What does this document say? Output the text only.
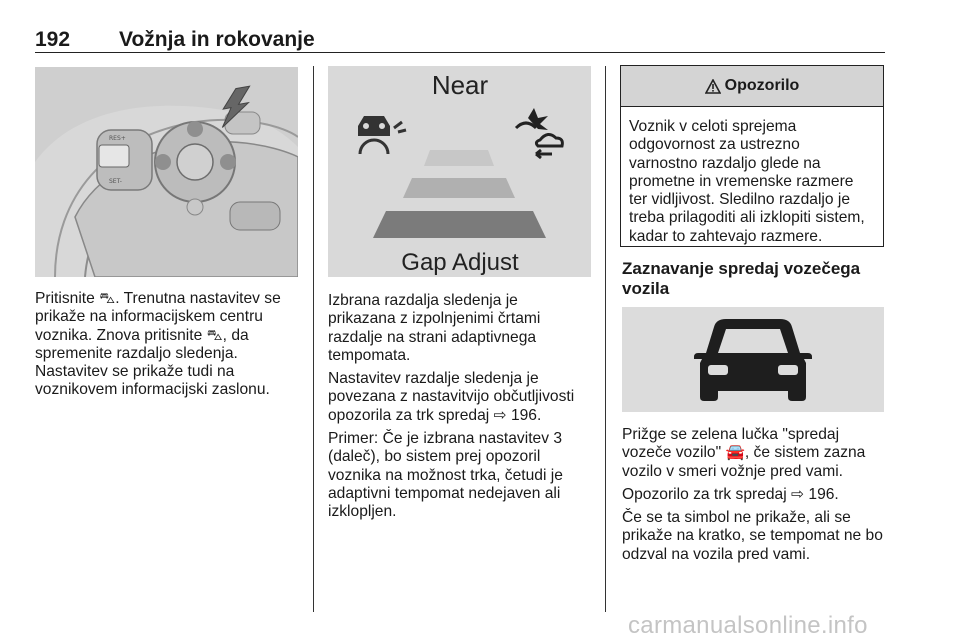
192 Vožnja in rokovanje
RES+
SET-
Near
Gap Adjust

Pritisnite ⛍. Trenutna nastavitev se
prikaže na informacijskem centru
voznika. Znova pritisnite ⛍, da
spremenite razdaljo sledenja.
Nastavitev se prikaže tudi na
voznikovem informacijski zaslonu.

Izbrana razdalja sledenja je
prikazana z izpolnjenimi črtami
razdalje na strani adaptivnega
tempomata.

Nastavitev razdalje sledenja je
povezana z nastavitvijo občutljivosti
opozorila za trk spredaj ⇨ 196.

Primer: Če je izbrana nastavitev 3
(daleč), bo sistem prej opozoril
voznika na možnost trka, četudi je
adaptivni tempomat nedejaven ali
izklopljen.

Opozorilo
Voznik v celoti sprejema
odgovornost za ustrezno
varnostno razdaljo glede na
prometne in vremenske razmere
ter vidljivost. Sledilno razdaljo je
treba prilagoditi ali izklopiti sistem,
kadar to zahtevajo razmere.
Zaznavanje spredaj vozečega
vozila

Prižge se zelena lučka "spredaj
vozeče vozilo" 🚘, če sistem zazna
vozilo v smeri vožnje pred vami.

Opozorilo za trk spredaj ⇨ 196.

Če se ta simbol ne prikaže, ali se
prikaže na kratko, se tempomat ne bo
odzval na vozila pred vami.

carmanualsonline.info
